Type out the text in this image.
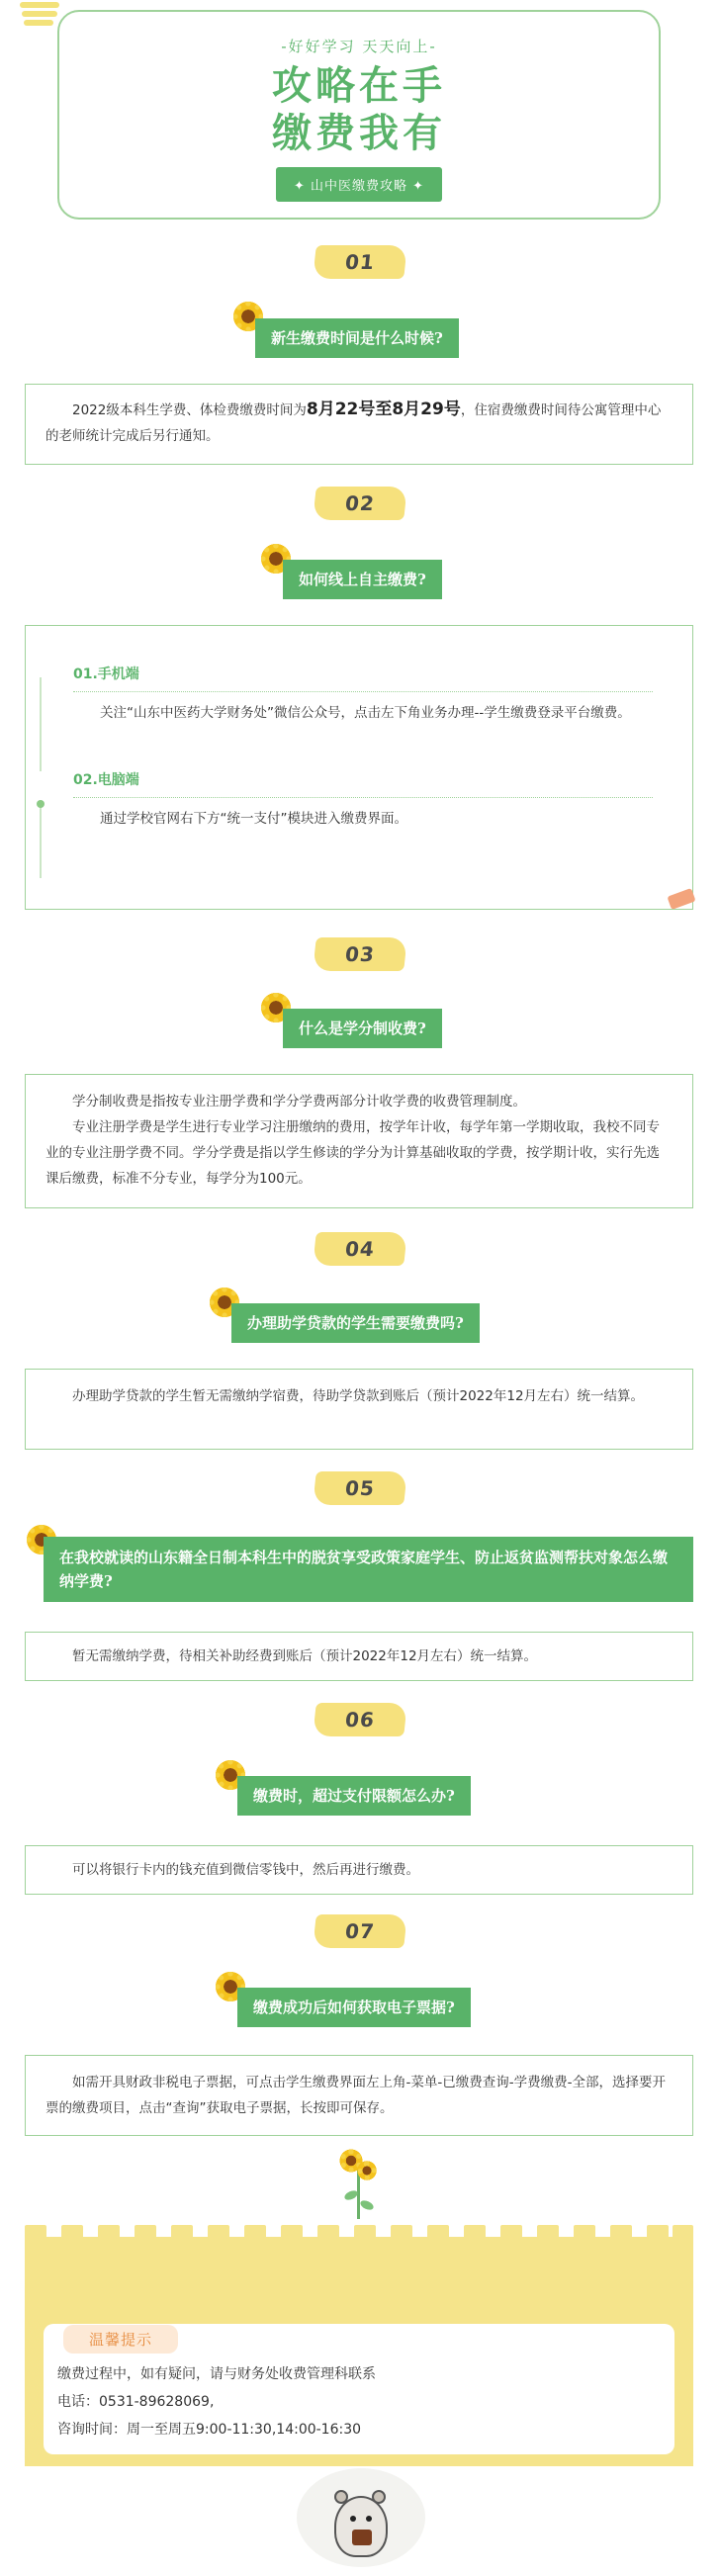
-好好学习 天天向上-
攻略在手
缴费我有
✦ 山中医缴费攻略 ✦
01
新生缴费时间是什么时候?

2022级本科生学费、体检费缴费时间为8月22号至8月29号，住宿费缴费时间待公寓管理中心的老师统计完成后另行通知。

02
如何线上自主缴费?
01.手机端

关注“山东中医药大学财务处”微信公众号，点击左下角业务办理--学生缴费登录平台缴费。

02.电脑端

通过学校官网右下方“统一支付”模块进入缴费界面。

03
什么是学分制收费?

学分制收费是指按专业注册学费和学分学费两部分计收学费的收费管理制度。

专业注册学费是学生进行专业学习注册缴纳的费用，按学年计收，每学年第一学期收取，我校不同专业的专业注册学费不同。学分学费是指以学生修读的学分为计算基础收取的学费，按学期计收，实行先选课后缴费，标准不分专业，每学分为100元。

04
办理助学贷款的学生需要缴费吗?

办理助学贷款的学生暂无需缴纳学宿费，待助学贷款到账后（预计2022年12月左右）统一结算。

05
在我校就读的山东籍全日制本科生中的脱贫享受政策家庭学生、防止返贫监测帮扶对象怎么缴纳学费?

暂无需缴纳学费，待相关补助经费到账后（预计2022年12月左右）统一结算。

06
缴费时，超过支付限额怎么办?

可以将银行卡内的钱充值到微信零钱中，然后再进行缴费。

07
缴费成功后如何获取电子票据?

如需开具财政非税电子票据，可点击学生缴费界面左上角-菜单-已缴费查询-学费缴费-全部，选择要开票的缴费项目，点击“查询”获取电子票据，长按即可保存。

温馨提示
缴费过程中，如有疑问，请与财务处收费管理科联系
电话：0531-89628069,
咨询时间：周一至周五9:00-11:30,14:00-16:30
